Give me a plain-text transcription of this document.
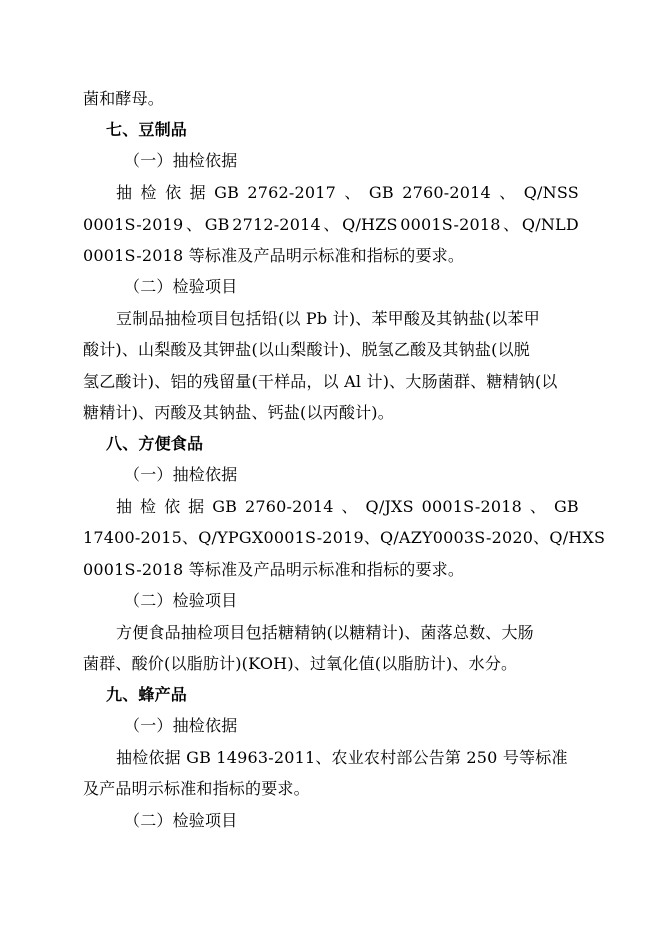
菌和酵母。
七、豆制品
（一）抽检依据
抽 检 依 据 GB 2762-2017 、 GB 2760-2014 、 Q/NSS
0001S-2019 、 GB 2712-2014 、 Q/HZS 0001S-2018 、 Q/NLD
0001S-2018 等标准及产品明示标准和指标的要求。
（二）检验项目
豆制品抽检项目包括铅(以 Pb 计)、苯甲酸及其钠盐(以苯甲
酸计)、山梨酸及其钾盐(以山梨酸计)、脱氢乙酸及其钠盐(以脱
氢乙酸计)、铝的残留量(干样品，以 Al 计)、大肠菌群、糖精钠(以
糖精计)、丙酸及其钠盐、钙盐(以丙酸计)。
八、方便食品
（一）抽检依据
抽 检 依 据 GB 2760-2014 、 Q/JXS 0001S-2018 、 GB
17400-2015、Q/YPGX 0001S-2019、Q/AZY 0003S-2020、Q/HXS
0001S-2018 等标准及产品明示标准和指标的要求。
（二）检验项目
方便食品抽检项目包括糖精钠(以糖精计)、菌落总数、大肠
菌群、酸价(以脂肪计)(KOH)、过氧化值(以脂肪计)、水分。
九、蜂产品
（一）抽检依据
抽检依据 GB 14963-2011、农业农村部公告第 250 号等标准
及产品明示标准和指标的要求。
（二）检验项目
